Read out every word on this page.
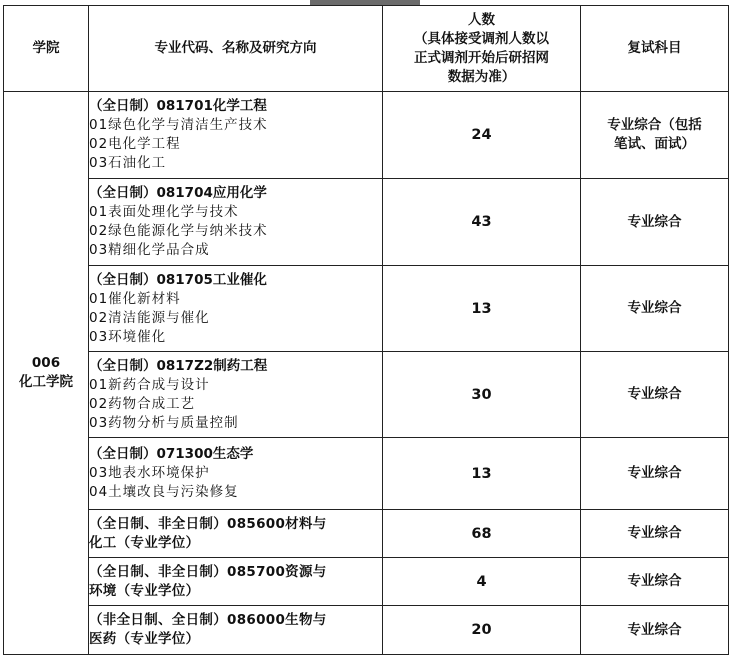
学院	专业代码、名称及研究方向	人数
（具体接受调剂人数以
正式调剂开始后研招网
数据为准）	复试科目

006
化工学院	（全日制）081701化学工程
01绿色化学与清洁生产技术
02电化学工程
03石油化工	24	专业综合（包括
笔试、面试）

	（全日制）081704应用化学
01表面处理化学与技术
02绿色能源化学与纳米技术
03精细化学品合成	43	专业综合

	（全日制）081705工业催化
01催化新材料
02清洁能源与催化
03环境催化	13	专业综合

	（全日制）0817Z2制药工程
01新药合成与设计
02药物合成工艺
03药物分析与质量控制	30	专业综合

	（全日制）071300生态学
03地表水环境保护
04土壤改良与污染修复	13	专业综合

	（全日制、非全日制）085600材料与
化工（专业学位）	68	专业综合

	（全日制、非全日制）085700资源与
环境（专业学位）	4	专业综合

	（非全日制、全日制）086000生物与
医药（专业学位）	20	专业综合
